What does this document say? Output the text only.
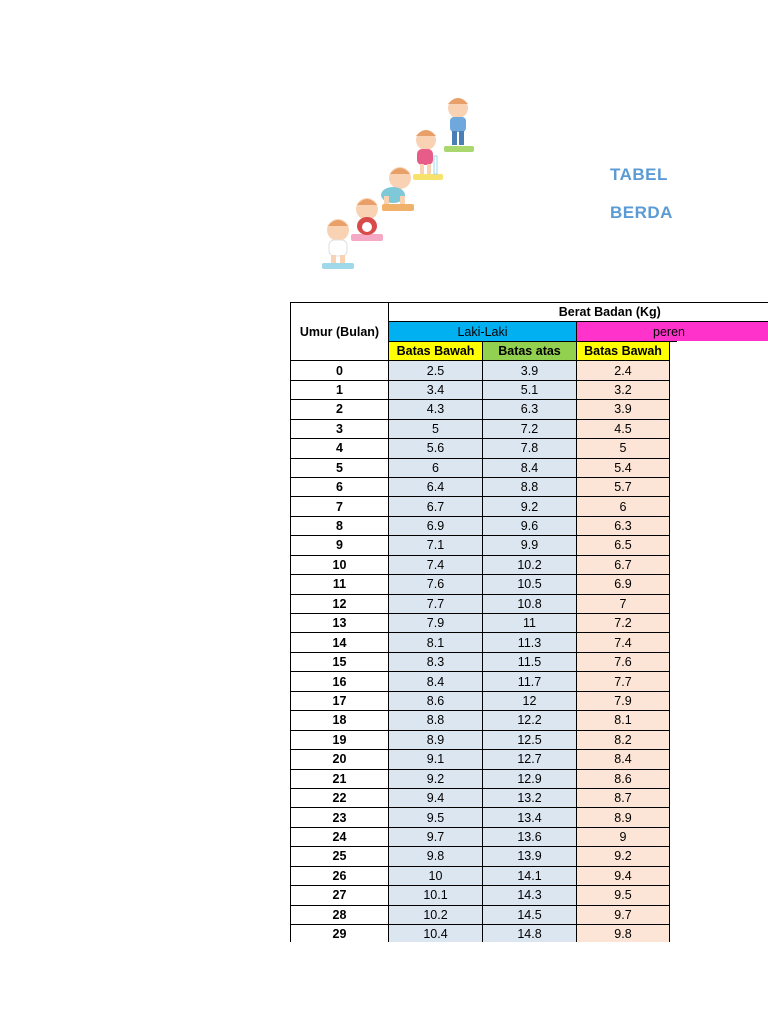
TABEL
BERDA
Umur (Bulan)	Berat Badan (Kg)			
	Laki-Laki		peren	
	Batas Bawah	Batas atas	Batas Bawah	
0	2.5	3.9	2.4	
1	3.4	5.1	3.2	
2	4.3	6.3	3.9	
3	5	7.2	4.5	
4	5.6	7.8	5	
5	6	8.4	5.4	
6	6.4	8.8	5.7	
7	6.7	9.2	6	
8	6.9	9.6	6.3	
9	7.1	9.9	6.5	
10	7.4	10.2	6.7	
11	7.6	10.5	6.9	
12	7.7	10.8	7	
13	7.9	11	7.2	
14	8.1	11.3	7.4	
15	8.3	11.5	7.6	
16	8.4	11.7	7.7	
17	8.6	12	7.9	
18	8.8	12.2	8.1	
19	8.9	12.5	8.2	
20	9.1	12.7	8.4	
21	9.2	12.9	8.6	
22	9.4	13.2	8.7	
23	9.5	13.4	8.9	
24	9.7	13.6	9	
25	9.8	13.9	9.2	
26	10	14.1	9.4	
27	10.1	14.3	9.5	
28	10.2	14.5	9.7	
29	10.4	14.8	9.8	
